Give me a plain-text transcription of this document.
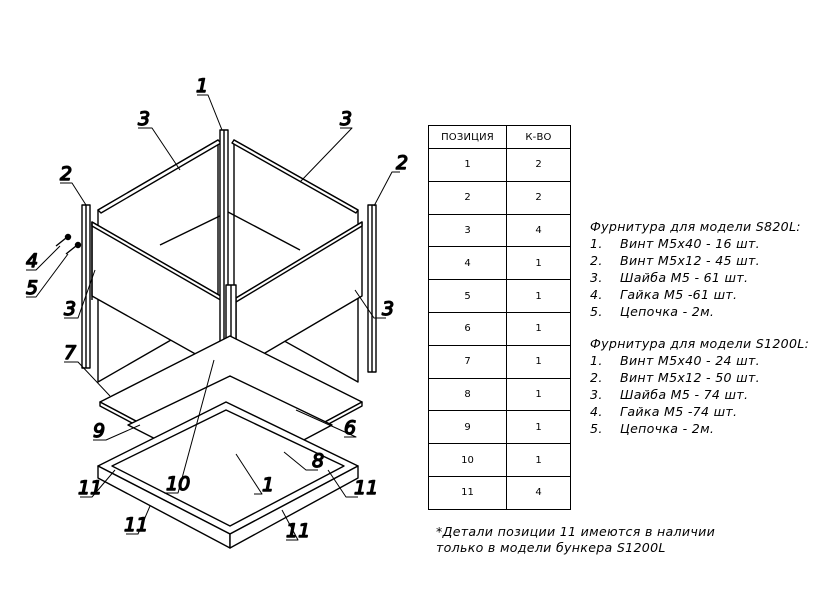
1
3	3
2	2
4
5
3	3
7
6
9
8
11	11
10	1
11	11
ПОЗИЦИЯ	К-ВО
1	2
2	2
3	4
4	1
5	1
6	1
7	1
8	1
9	1
10	1
11	4
Фурнитура для модели S820L:
1.	Винт М5х40 - 16 шт.
2.	Винт М5х12 - 45 шт.
3.	Шайба М5 - 61 шт.
4.	Гайка М5 -61 шт.
5.	Цепочка - 2м.
Фурнитура для модели S1200L:
1.	Винт М5х40 - 24 шт.
2.	Винт М5х12 - 50 шт.
3.	Шайба М5 - 74 шт.
4.	Гайка М5 -74 шт.
5.	Цепочка - 2м.
*Детали позиции 11 имеются в наличии
только в модели бункера S1200L
